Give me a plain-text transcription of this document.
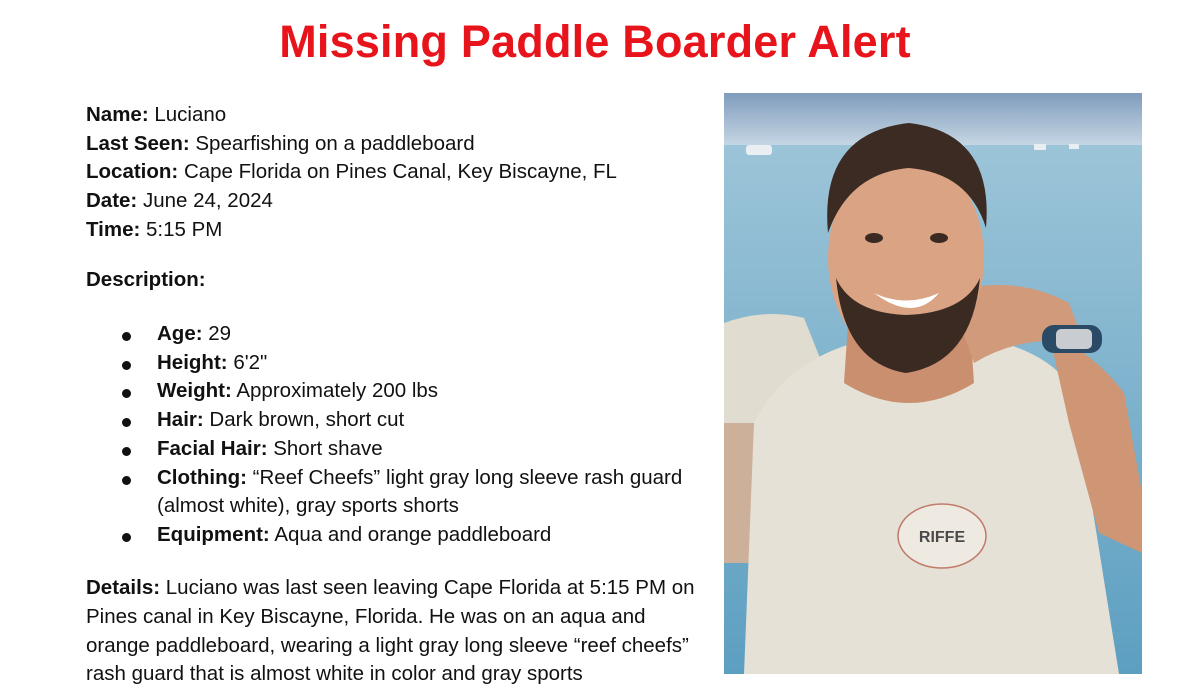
Missing Paddle Boarder Alert
Name: Luciano
Last Seen: Spearfishing on a paddleboard
Location: Cape Florida on Pines Canal, Key Biscayne, FL
Date: June 24, 2024
Time: 5:15 PM
Description:
Age: 29
Height: 6'2"
Weight: Approximately 200 lbs
Hair: Dark brown, short cut
Facial Hair: Short shave
Clothing: “Reef Cheefs” light gray long sleeve rash guard (almost white), gray sports shorts
Equipment: Aqua and orange paddleboard
Details: Luciano was last seen leaving Cape Florida at 5:15 PM on Pines canal in Key Biscayne, Florida. He was on an aqua and orange paddleboard, wearing a light gray long sleeve “reef cheefs” rash guard that is almost white in color and gray sports
RIFFE
